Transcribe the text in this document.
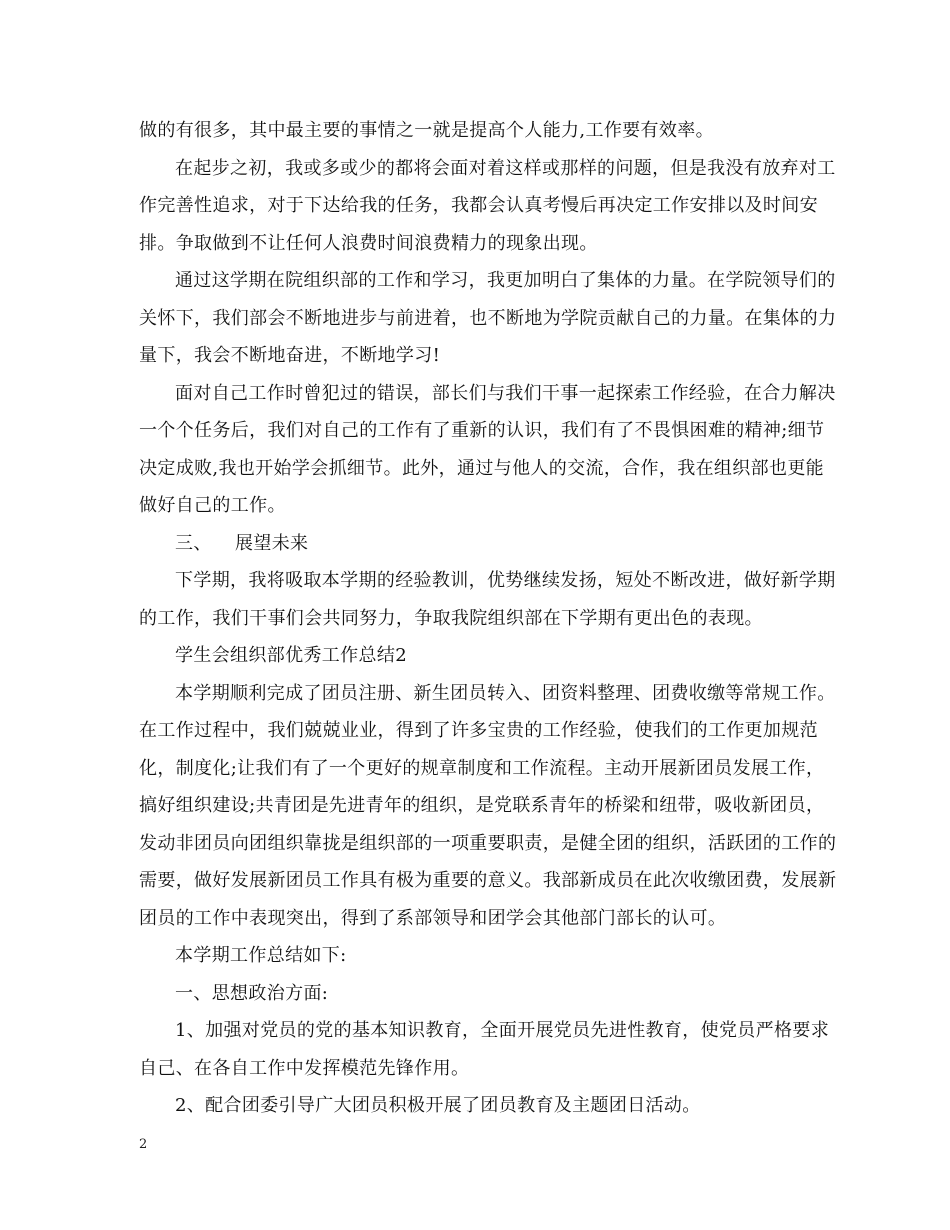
做的有很多，其中最主要的事情之一就是提高个人能力,工作要有效率。

在起步之初，我或多或少的都将会面对着这样或那样的问题，但是我没有放弃对工作完善性追求，对于下达给我的任务，我都会认真考慢后再决定工作安排以及时间安排。争取做到不让任何人浪费时间浪费精力的现象出现。

通过这学期在院组织部的工作和学习，我更加明白了集体的力量。在学院领导们的关怀下，我们部会不断地进步与前进着，也不断地为学院贡献自己的力量。在集体的力量下，我会不断地奋进，不断地学习!

面对自己工作时曾犯过的错误，部长们与我们干事一起探索工作经验，在合力解决一个个任务后，我们对自己的工作有了重新的认识，我们有了不畏惧困难的精神;细节决定成败,我也开始学会抓细节。此外，通过与他人的交流，合作，我在组织部也更能做好自己的工作。

三、 展望未来

下学期，我将吸取本学期的经验教训，优势继续发扬，短处不断改进，做好新学期的工作，我们干事们会共同努力，争取我院组织部在下学期有更出色的表现。

学生会组织部优秀工作总结2

本学期顺利完成了团员注册、新生团员转入、团资料整理、团费收缴等常规工作。在工作过程中，我们兢兢业业，得到了许多宝贵的工作经验，使我们的工作更加规范化，制度化;让我们有了一个更好的规章制度和工作流程。主动开展新团员发展工作，搞好组织建设;共青团是先进青年的组织，是党联系青年的桥梁和纽带，吸收新团员，发动非团员向团组织靠拢是组织部的一项重要职责，是健全团的组织，活跃团的工作的需要，做好发展新团员工作具有极为重要的意义。我部新成员在此次收缴团费，发展新团员的工作中表现突出，得到了系部领导和团学会其他部门部长的认可。

本学期工作总结如下:

一、思想政治方面:

1、加强对党员的党的基本知识教育，全面开展党员先进性教育，使党员严格要求自己、在各自工作中发挥模范先锋作用。

2、配合团委引导广大团员积极开展了团员教育及主题团日活动。

2
